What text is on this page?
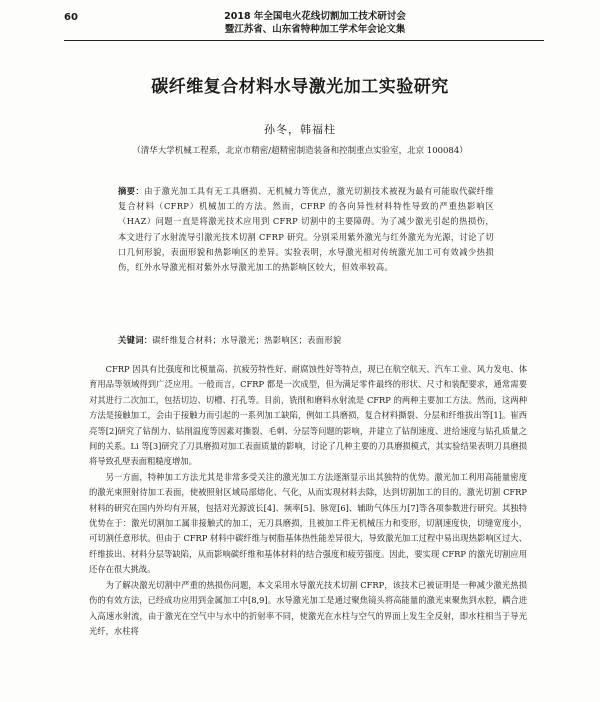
60	2018 年全国电火花线切割加工技术研讨会
暨江苏省、山东省特种加工学术年会论文集
碳纤维复合材料水导激光加工实验研究
孙冬，韩福柱
（清华大学机械工程系，北京市精密/超精密制造装备和控制重点实验室，北京 100084）
摘要：由于激光加工具有无工具磨损、无机械力等优点，激光切割技术被视为最有可能取代碳纤维复合材料（CFRP）机械加工的方法。然而，CFRP 的各向异性材料特性导致的严重热影响区（HAZ）问题一直是将激光技术应用到 CFRP 切割中的主要障碍。为了减少激光引起的热损伤，本文进行了水射流导引激光技术切割 CFRP 研究。分别采用紫外激光与红外激光为光源，讨论了切口几何形貌，表面形貌和热影响区的差异。实验表明，水导激光相对传统激光加工可有效减少热损伤，红外水导激光相对紫外水导激光加工的热影响区较大，但效率较高。
关键词：碳纤维复合材料；水导激光；热影响区；表面形貌

CFRP 因具有比强度和比模量高、抗疲劳特性好、耐腐蚀性好等特点，现已在航空航天、汽车工业、风力发电、体育用品等领域得到广泛应用。一般而言，CFRP 都是一次成型，但为满足零件最终的形状、尺寸和装配要求，通常需要对其进行二次加工，包括切边、切槽、打孔等。目前，铣削和磨料水射流是 CFRP 的两种主要加工方法。然而，这两种方法是接触加工，会由于接触力而引起的一系列加工缺陷，例如工具磨损，复合材料撕裂、分层和纤维拔出等[1]。崔西亮等[2]研究了钻削力、钻削温度等因素对撕裂、毛刺、分层等问题的影响，并建立了钻削速度、进给速度与钻孔质量之间的关系。Li 等[3]研究了刀具磨损对加工表面质量的影响，讨论了几种主要的刀具磨损模式，其实验结果表明刀具磨损将导致孔壁表面粗糙度增加。

另一方面，特种加工方法尤其是非常多受关注的激光加工方法逐渐显示出其独特的优势。激光加工利用高能量密度的激光束照射待加工表面，使被照射区域局部熔化、气化，从而实现材料去除，达到切割加工的目的。激光切割 CFRP 材料的研究在国内外均有开展，包括对光源波长[4]、频率[5]、脉宽[6]、辅助气体压力[7]等各项参数进行研究。其独特优势在于：激光切割加工属非接触式的加工，无刀具磨损，且被加工件无机械压力和变形，切割速度快，切缝宽度小，可切割任意形状。但由于 CFRP 材料中碳纤维与树脂基体热性能差异很大，导致激光加工过程中易出现热影响区过大、纤维拔出、材料分层等缺陷，从而影响碳纤维和基体材料的结合强度和疲劳强度。因此，要实现 CFRP 的激光切割应用还存在很大挑战。

为了解决激光切割中严重的热损伤问题，本文采用水导激光技术切割 CFRP，该技术已被证明是一种减少激光热损伤的有效方法，已经成功应用到金属加工中[8,9]。水导激光加工是通过聚焦镜头将高能量的激光束聚焦到水腔，耦合进入高速水射流，由于激光在空气中与水中的折射率不同，使激光在水柱与空气的界面上发生全反射，即水柱相当于导光光纤，水柱将
